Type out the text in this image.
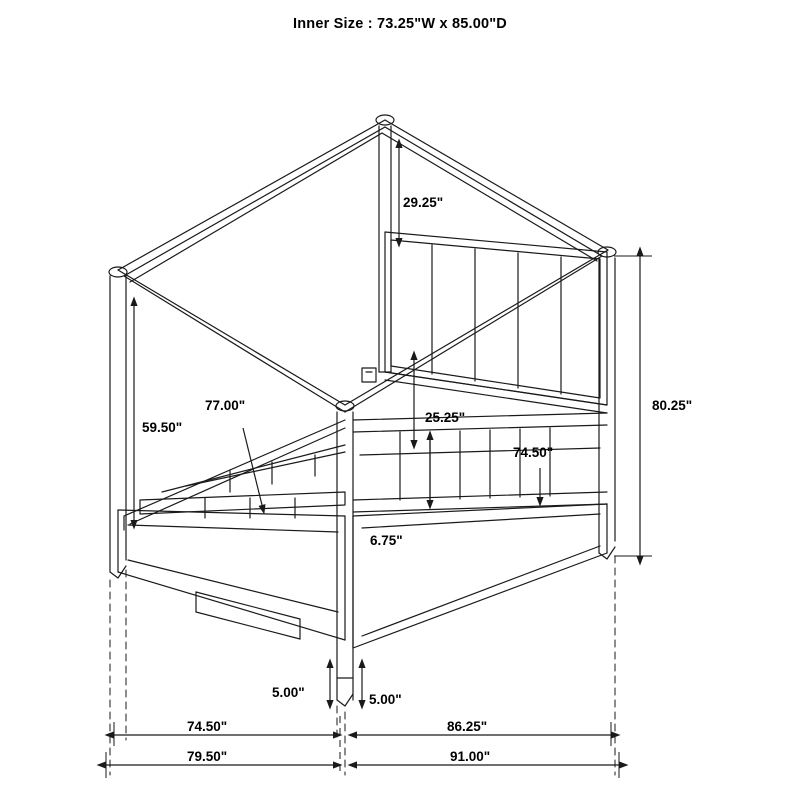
Inner Size : 73.25"W x 85.00"D
29.25"
80.25"
25.25"
59.50"
77.00"
74.50"
6.75"
5.00"	5.00"
74.50"	86.25"
79.50"	91.00"
